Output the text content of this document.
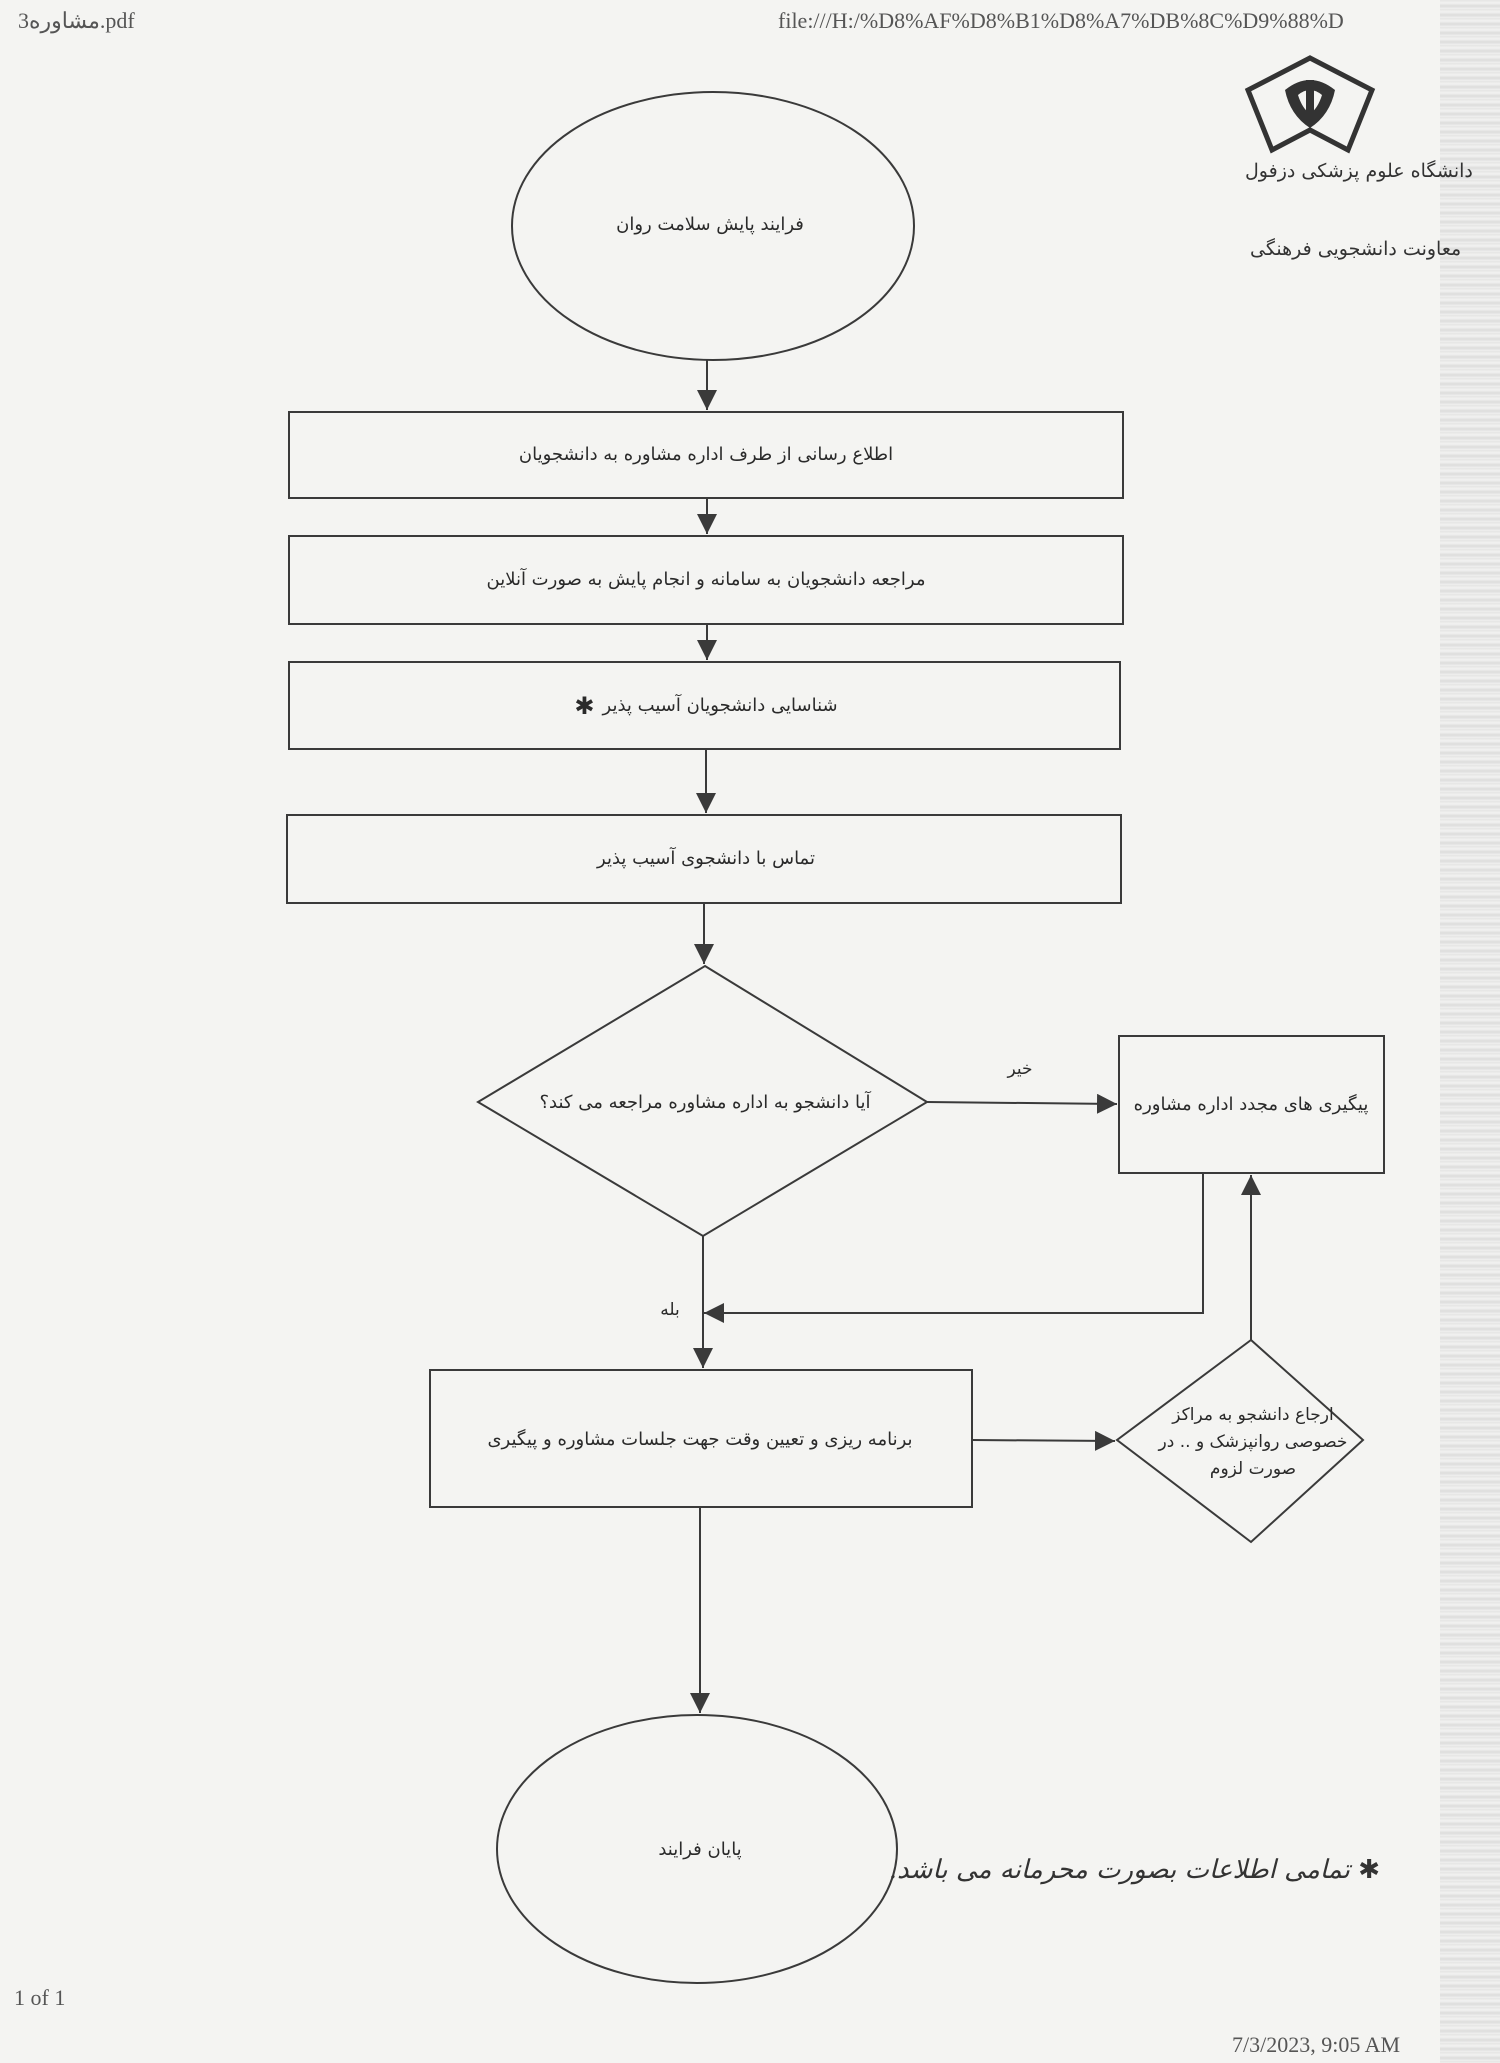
مشاوره3.pdf	file:///H:/%D8%AF%D8%B1%D8%A7%DB%8C%D9%88%D
دانشگاه علوم پزشکی دزفول
معاونت دانشجویی فرهنگی
فرایند پایش سلامت روان
اطلاع رسانی از طرف اداره مشاوره به دانشجویان
مراجعه دانشجویان به سامانه و انجام پایش به صورت آنلاین
شناسایی دانشجویان آسیب پذیر
✱
تماس با دانشجوی آسیب پذیر
آیا دانشجو به اداره مشاوره مراجعه می کند؟
خیر
بله
پیگیری های مجدد اداره مشاوره
برنامه ریزی و تعیین وقت جهت جلسات مشاوره و پیگیری
ارجاع دانشجو به مراکز خصوصی روانپزشک و .. در صورت لزوم
پایان فرایند
✱ تمامی اطلاعات بصورت محرمانه می باشد.
1 of 1
7/3/2023, 9:05 AM
